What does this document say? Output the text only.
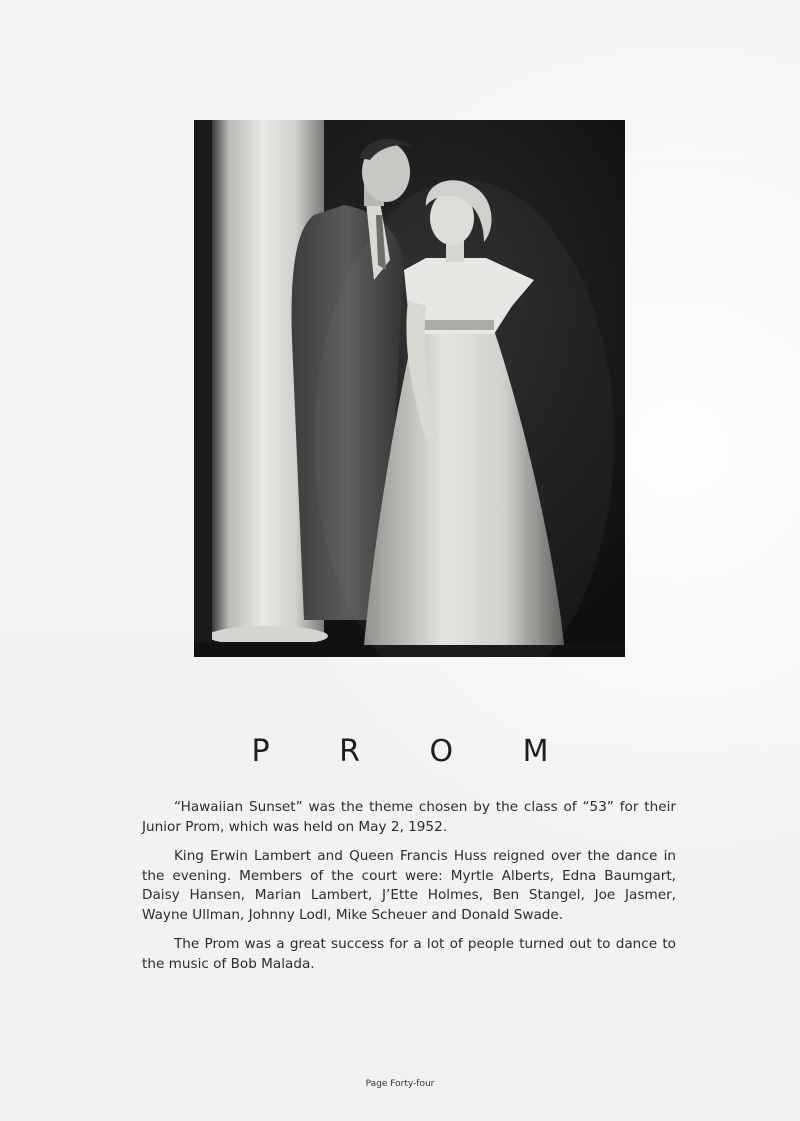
P R O M

“Hawaiian Sunset” was the theme chosen by the class of “53” for their Junior Prom, which was held on May 2, 1952.

King Erwin Lambert and Queen Francis Huss reigned over the dance in the evening. Members of the court were: Myrtle Alberts, Edna Baumgart, Daisy Hansen, Marian Lambert, J’Ette Holmes, Ben Stangel, Joe Jasmer, Wayne Ullman, Johnny Lodl, Mike Scheuer and Donald Swade.

The Prom was a great success for a lot of people turned out to dance to the music of Bob Malada.

Page Forty-four
